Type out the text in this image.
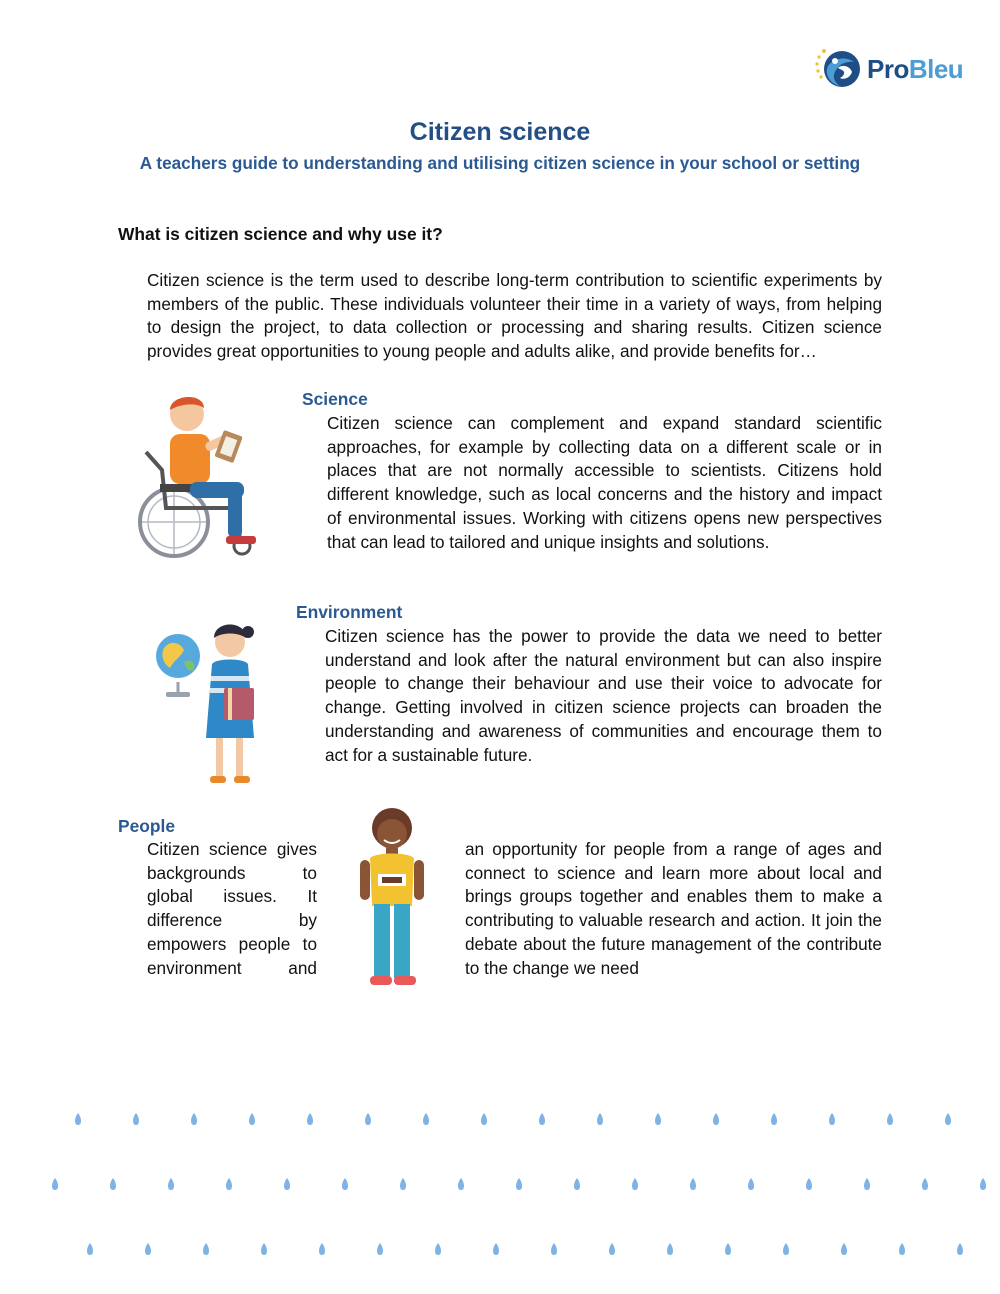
ProBleu
Citizen science
A teachers guide to understanding and utilising citizen science in your school or setting
What is citizen science and why use it?
Citizen science is the term used to describe long-term contribution to scientific experiments by members of the public. These individuals volunteer their time in a variety of ways, from helping to design the project, to data collection or processing and sharing results. Citizen science provides great opportunities to young people and adults alike, and provide benefits for…
Science
Citizen science can complement and expand standard scientific approaches, for example by collecting data on a different scale or in places that are not normally accessible to scientists. Citizens hold different knowledge, such as local concerns and the history and impact of environmental issues. Working with citizens opens new perspectives that can lead to tailored and unique insights and solutions.
Environment
Citizen science has the power to provide the data we need to better understand and look after the natural environment but can also inspire people to change their behaviour and use their voice to advocate for change. Getting involved in citizen science projects can broaden the understanding and awareness of communities and encourage them to act for a sustainable future.
People
Citizen science gives
backgrounds to
global issues. It
difference by
empowers people to
environment and
an opportunity for people from a range of ages and connect to science and learn more about local and brings groups together and enables them to make a contributing to valuable research and action. It join the debate about the future management of the contribute to the change we need
